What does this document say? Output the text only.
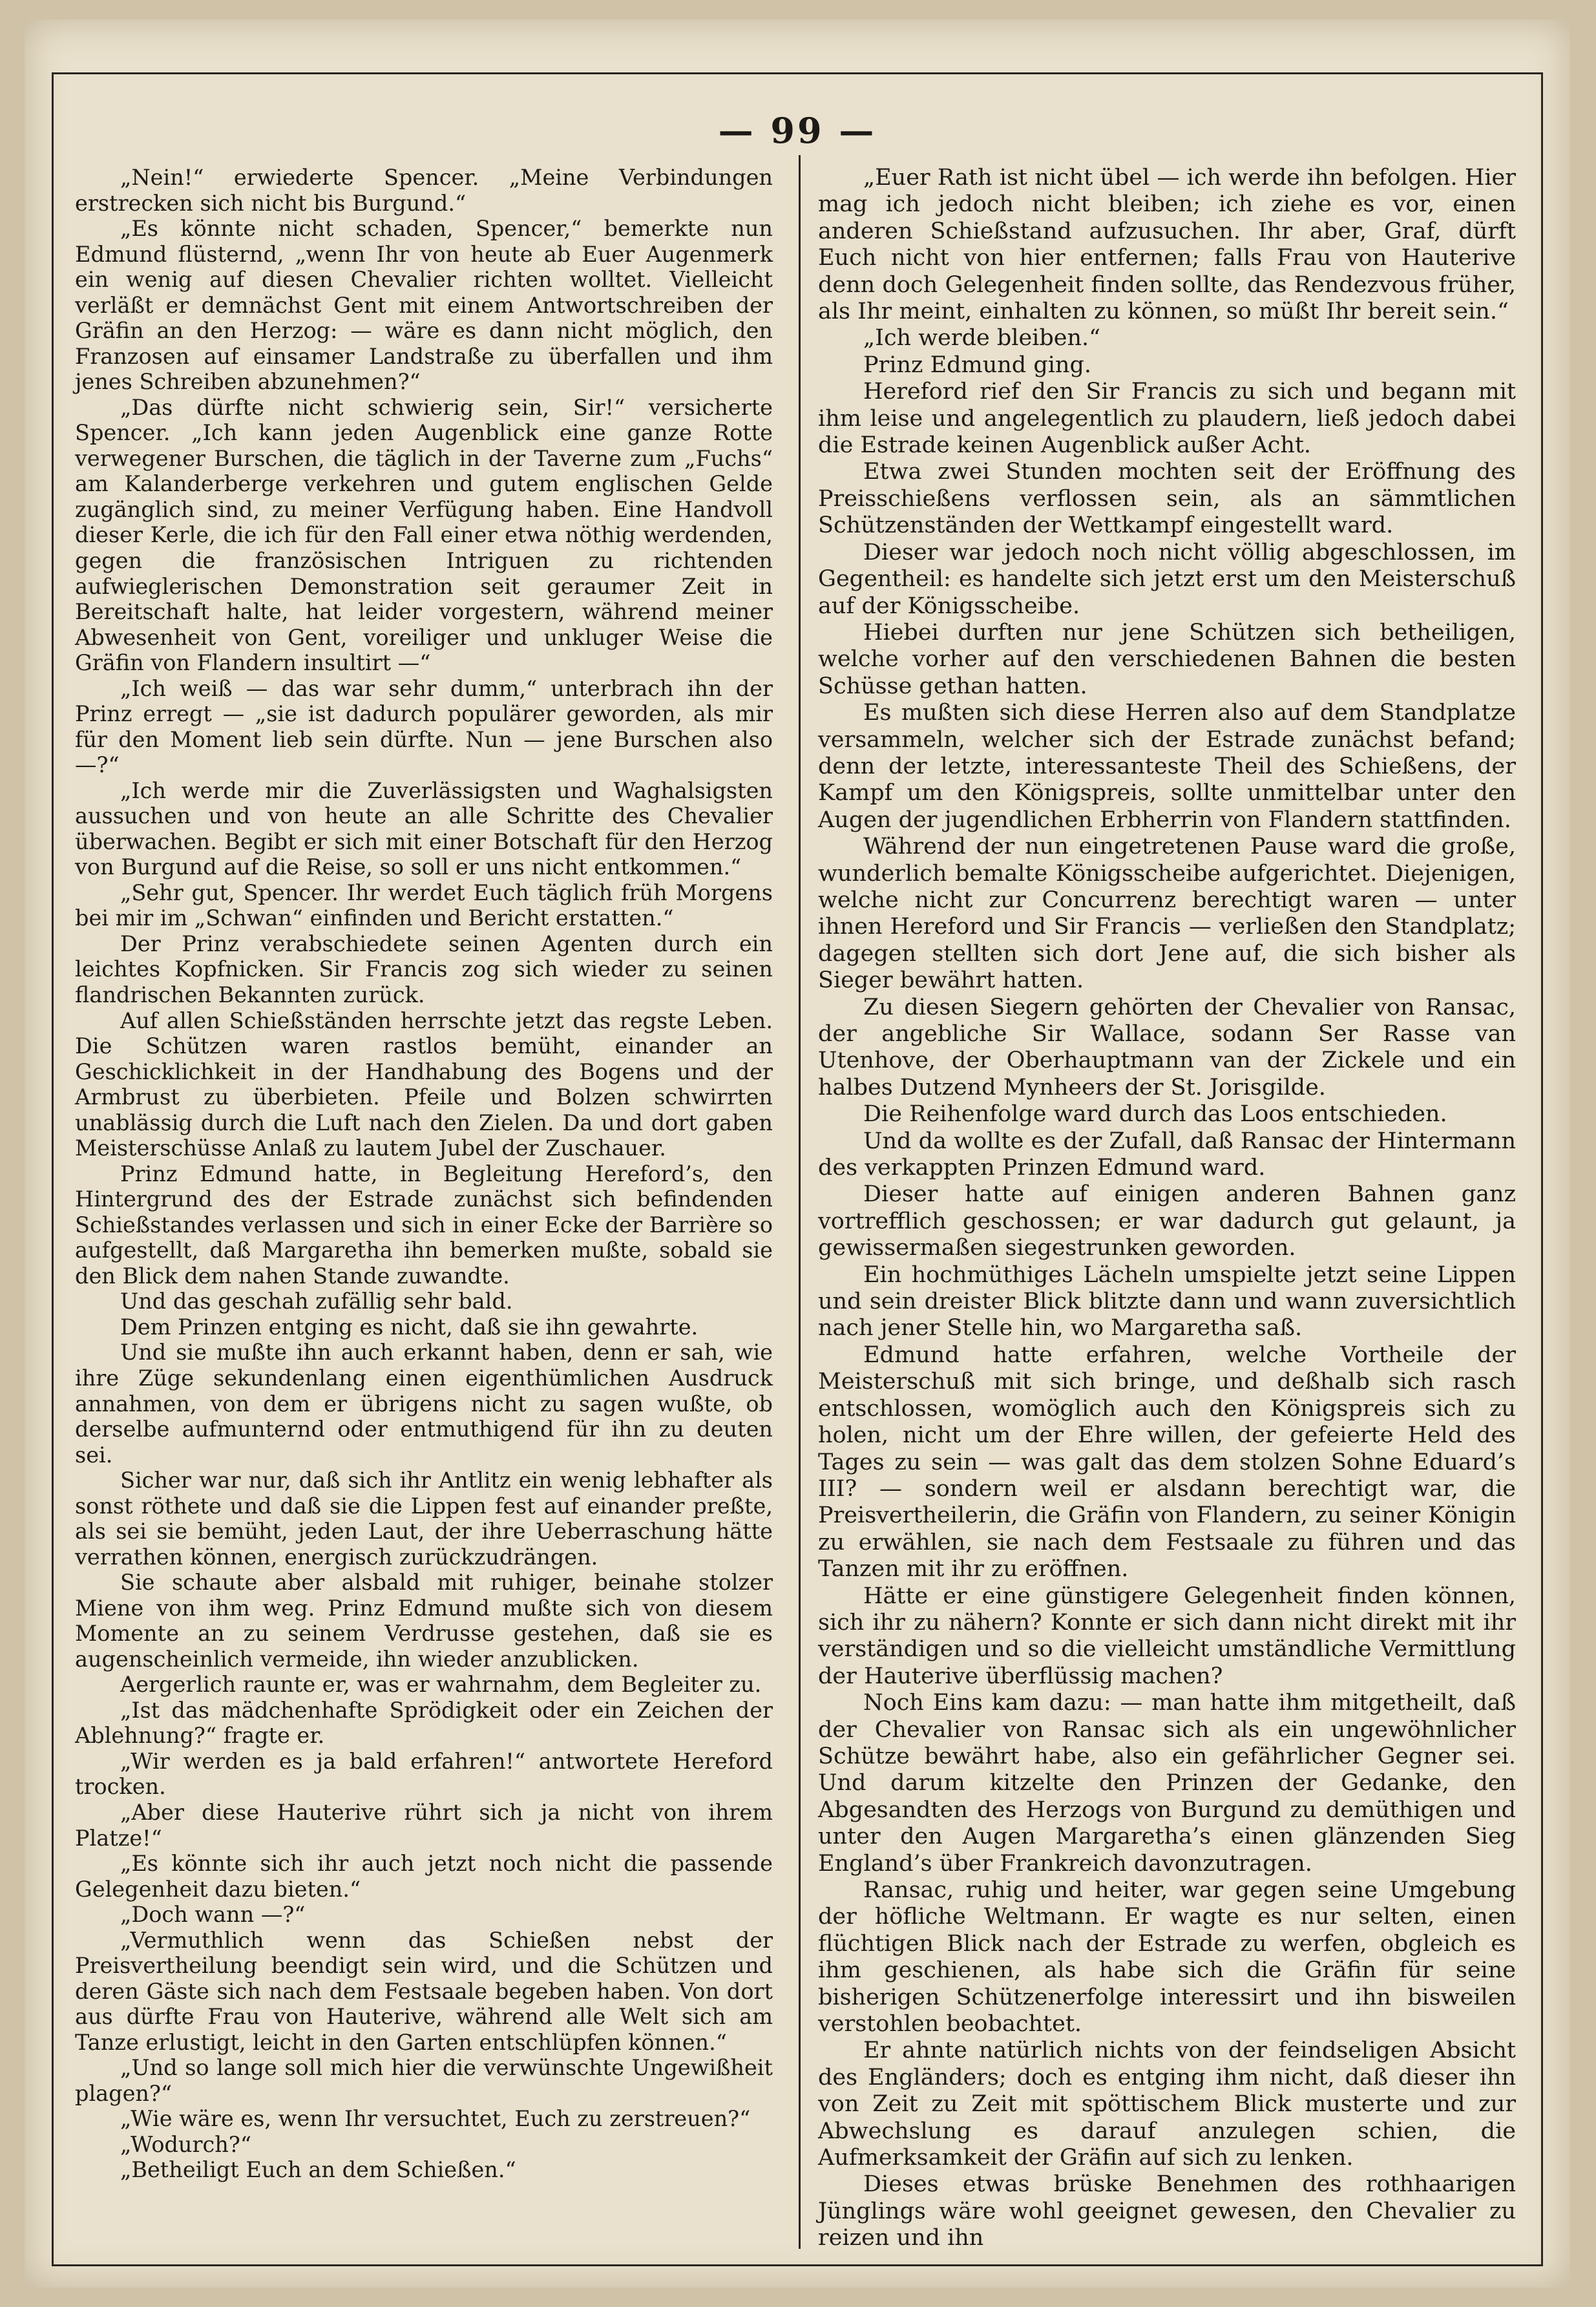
— 99 —

„Nein!“ erwiederte Spencer. „Meine Verbindungen erstrecken sich nicht bis Burgund.“

„Es könnte nicht schaden, Spencer,“ bemerkte nun Edmund flüsternd, „wenn Ihr von heute ab Euer Augenmerk ein wenig auf diesen Chevalier richten wolltet. Vielleicht verläßt er demnächst Gent mit einem Antwortschreiben der Gräfin an den Herzog: — wäre es dann nicht möglich, den Franzosen auf einsamer Landstraße zu überfallen und ihm jenes Schreiben abzunehmen?“

„Das dürfte nicht schwierig sein, Sir!“ versicherte Spencer. „Ich kann jeden Augenblick eine ganze Rotte verwegener Burschen, die täglich in der Taverne zum „Fuchs“ am Kalanderberge verkehren und gutem englischen Gelde zugänglich sind, zu meiner Verfügung haben. Eine Handvoll dieser Kerle, die ich für den Fall einer etwa nöthig werdenden, gegen die französischen Intriguen zu richtenden aufwieglerischen Demonstration seit geraumer Zeit in Bereitschaft halte, hat leider vorgestern, während meiner Abwesenheit von Gent, voreiliger und unkluger Weise die Gräfin von Flandern insultirt —“

„Ich weiß — das war sehr dumm,“ unterbrach ihn der Prinz erregt — „sie ist dadurch populärer geworden, als mir für den Moment lieb sein dürfte. Nun — jene Burschen also —?“

„Ich werde mir die Zuverlässigsten und Waghalsigsten aussuchen und von heute an alle Schritte des Chevalier überwachen. Begibt er sich mit einer Botschaft für den Herzog von Burgund auf die Reise, so soll er uns nicht entkommen.“

„Sehr gut, Spencer. Ihr werdet Euch täglich früh Morgens bei mir im „Schwan“ einfinden und Bericht erstatten.“

Der Prinz verabschiedete seinen Agenten durch ein leichtes Kopfnicken. Sir Francis zog sich wieder zu seinen flandrischen Bekannten zurück.

Auf allen Schießständen herrschte jetzt das regste Leben. Die Schützen waren rastlos bemüht, einander an Geschicklichkeit in der Handhabung des Bogens und der Armbrust zu überbieten. Pfeile und Bolzen schwirrten unablässig durch die Luft nach den Zielen. Da und dort gaben Meisterschüsse Anlaß zu lautem Jubel der Zuschauer.

Prinz Edmund hatte, in Begleitung Hereford’s, den Hintergrund des der Estrade zunächst sich befindenden Schießstandes verlassen und sich in einer Ecke der Barrière so aufgestellt, daß Margaretha ihn bemerken mußte, sobald sie den Blick dem nahen Stande zuwandte.

Und das geschah zufällig sehr bald.

Dem Prinzen entging es nicht, daß sie ihn gewahrte.

Und sie mußte ihn auch erkannt haben, denn er sah, wie ihre Züge sekundenlang einen eigenthümlichen Ausdruck annahmen, von dem er übrigens nicht zu sagen wußte, ob derselbe aufmunternd oder entmuthigend für ihn zu deuten sei.

Sicher war nur, daß sich ihr Antlitz ein wenig lebhafter als sonst röthete und daß sie die Lippen fest auf einander preßte, als sei sie bemüht, jeden Laut, der ihre Ueberraschung hätte verrathen können, energisch zurückzudrängen.

Sie schaute aber alsbald mit ruhiger, beinahe stolzer Miene von ihm weg. Prinz Edmund mußte sich von diesem Momente an zu seinem Verdrusse gestehen, daß sie es augenscheinlich vermeide, ihn wieder anzublicken.

Aergerlich raunte er, was er wahrnahm, dem Begleiter zu.

„Ist das mädchenhafte Sprödigkeit oder ein Zeichen der Ablehnung?“ fragte er.

„Wir werden es ja bald erfahren!“ antwortete Hereford trocken.

„Aber diese Hauterive rührt sich ja nicht von ihrem Platze!“

„Es könnte sich ihr auch jetzt noch nicht die passende Gelegenheit dazu bieten.“

„Doch wann —?“

„Vermuthlich wenn das Schießen nebst der Preisvertheilung beendigt sein wird, und die Schützen und deren Gäste sich nach dem Festsaale begeben haben. Von dort aus dürfte Frau von Hauterive, während alle Welt sich am Tanze erlustigt, leicht in den Garten entschlüpfen können.“

„Und so lange soll mich hier die verwünschte Ungewißheit plagen?“

„Wie wäre es, wenn Ihr versuchtet, Euch zu zerstreuen?“

„Wodurch?“

„Betheiligt Euch an dem Schießen.“

„Euer Rath ist nicht übel — ich werde ihn befolgen. Hier mag ich jedoch nicht bleiben; ich ziehe es vor, einen anderen Schießstand aufzusuchen. Ihr aber, Graf, dürft Euch nicht von hier entfernen; falls Frau von Hauterive denn doch Gelegenheit finden sollte, das Rendezvous früher, als Ihr meint, einhalten zu können, so müßt Ihr bereit sein.“

„Ich werde bleiben.“

Prinz Edmund ging.

Hereford rief den Sir Francis zu sich und begann mit ihm leise und angelegentlich zu plaudern, ließ jedoch dabei die Estrade keinen Augenblick außer Acht.

Etwa zwei Stunden mochten seit der Eröffnung des Preisschießens verflossen sein, als an sämmtlichen Schützenständen der Wettkampf eingestellt ward.

Dieser war jedoch noch nicht völlig abgeschlossen, im Gegentheil: es handelte sich jetzt erst um den Meisterschuß auf der Königsscheibe.

Hiebei durften nur jene Schützen sich betheiligen, welche vorher auf den verschiedenen Bahnen die besten Schüsse gethan hatten.

Es mußten sich diese Herren also auf dem Standplatze versammeln, welcher sich der Estrade zunächst befand; denn der letzte, interessanteste Theil des Schießens, der Kampf um den Königspreis, sollte unmittelbar unter den Augen der jugendlichen Erbherrin von Flandern stattfinden.

Während der nun eingetretenen Pause ward die große, wunderlich bemalte Königsscheibe aufgerichtet. Diejenigen, welche nicht zur Concurrenz berechtigt waren — unter ihnen Hereford und Sir Francis — verließen den Standplatz; dagegen stellten sich dort Jene auf, die sich bisher als Sieger bewährt hatten.

Zu diesen Siegern gehörten der Chevalier von Ransac, der angebliche Sir Wallace, sodann Ser Rasse van Utenhove, der Oberhauptmann van der Zickele und ein halbes Dutzend Mynheers der St. Jorisgilde.

Die Reihenfolge ward durch das Loos entschieden.

Und da wollte es der Zufall, daß Ransac der Hintermann des verkappten Prinzen Edmund ward.

Dieser hatte auf einigen anderen Bahnen ganz vortrefflich geschossen; er war dadurch gut gelaunt, ja gewissermaßen siegestrunken geworden.

Ein hochmüthiges Lächeln umspielte jetzt seine Lippen und sein dreister Blick blitzte dann und wann zuversichtlich nach jener Stelle hin, wo Margaretha saß.

Edmund hatte erfahren, welche Vortheile der Meisterschuß mit sich bringe, und deßhalb sich rasch entschlossen, womöglich auch den Königspreis sich zu holen, nicht um der Ehre willen, der gefeierte Held des Tages zu sein — was galt das dem stolzen Sohne Eduard’s III? — sondern weil er alsdann berechtigt war, die Preisvertheilerin, die Gräfin von Flandern, zu seiner Königin zu erwählen, sie nach dem Festsaale zu führen und das Tanzen mit ihr zu eröffnen.

Hätte er eine günstigere Gelegenheit finden können, sich ihr zu nähern? Konnte er sich dann nicht direkt mit ihr verständigen und so die vielleicht umständliche Vermittlung der Hauterive überflüssig machen?

Noch Eins kam dazu: — man hatte ihm mitgetheilt, daß der Chevalier von Ransac sich als ein ungewöhnlicher Schütze bewährt habe, also ein gefährlicher Gegner sei. Und darum kitzelte den Prinzen der Gedanke, den Abgesandten des Herzogs von Burgund zu demüthigen und unter den Augen Margaretha’s einen glänzenden Sieg England’s über Frankreich davonzutragen.

Ransac, ruhig und heiter, war gegen seine Umgebung der höfliche Weltmann. Er wagte es nur selten, einen flüchtigen Blick nach der Estrade zu werfen, obgleich es ihm geschienen, als habe sich die Gräfin für seine bisherigen Schützenerfolge interessirt und ihn bisweilen verstohlen beobachtet.

Er ahnte natürlich nichts von der feindseligen Absicht des Engländers; doch es entging ihm nicht, daß dieser ihn von Zeit zu Zeit mit spöttischem Blick musterte und zur Abwechslung es darauf anzulegen schien, die Aufmerksamkeit der Gräfin auf sich zu lenken.

Dieses etwas brüske Benehmen des rothhaarigen Jünglings wäre wohl geeignet gewesen, den Chevalier zu reizen und ihn
